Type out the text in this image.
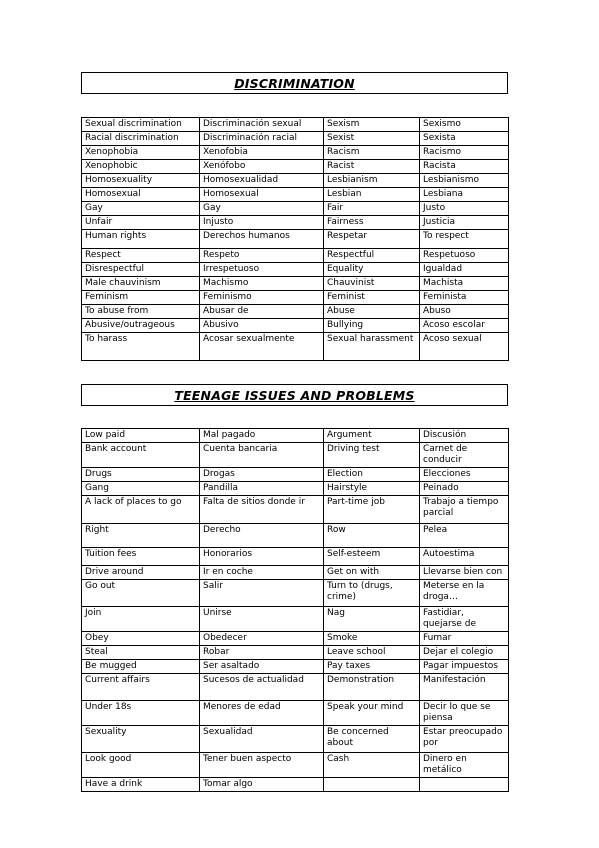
DISCRIMINATION
Sexual discrimination	Discriminación sexual	Sexism	Sexismo
Racial discrimination	Discriminación racial	Sexist	Sexista
Xenophobia	Xenofobia	Racism	Racismo
Xenophobic	Xenófobo	Racist	Racista
Homosexuality	Homosexualidad	Lesbianism	Lesbianismo
Homosexual	Homosexual	Lesbian	Lesbiana
Gay	Gay	Fair	Justo
Unfair	Injusto	Fairness	Justicia
Human rights	Derechos humanos	Respetar	To respect
Respect	Respeto	Respectful	Respetuoso
Disrespectful	Irrespetuoso	Equality	Igualdad
Male chauvinism	Machismo	Chauvinist	Machista
Feminism	Feminismo	Feminist	Feminista
To abuse from	Abusar de	Abuse	Abuso
Abusive/outrageous	Abusivo	Bullying	Acoso escolar
To harass	Acosar sexualmente	Sexual harassment	Acoso sexual
TEENAGE ISSUES AND PROBLEMS
Low paid	Mal pagado	Argument	Discusión
Bank account	Cuenta bancaria	Driving test	Carnet de conducir
Drugs	Drogas	Election	Elecciones
Gang	Pandilla	Hairstyle	Peinado
A lack of places to go	Falta de sitios donde ir	Part-time job	Trabajo a tiempo parcial
Right	Derecho	Row	Pelea
Tuition fees	Honorarios	Self-esteem	Autoestima
Drive around	Ir en coche	Get on with	Llevarse bien con
Go out	Salir	Turn to (drugs, crime)	Meterse en la droga…
Join	Unirse	Nag	Fastidiar, quejarse de
Obey	Obedecer	Smoke	Fumar
Steal	Robar	Leave school	Dejar el colegio
Be mugged	Ser asaltado	Pay taxes	Pagar impuestos
Current affairs	Sucesos de actualidad	Demonstration	Manifestación
Under 18s	Menores de edad	Speak your mind	Decir lo que se piensa
Sexuality	Sexualidad	Be concerned about	Estar preocupado por
Look good	Tener buen aspecto	Cash	Dinero en metálico
Have a drink	Tomar algo		
